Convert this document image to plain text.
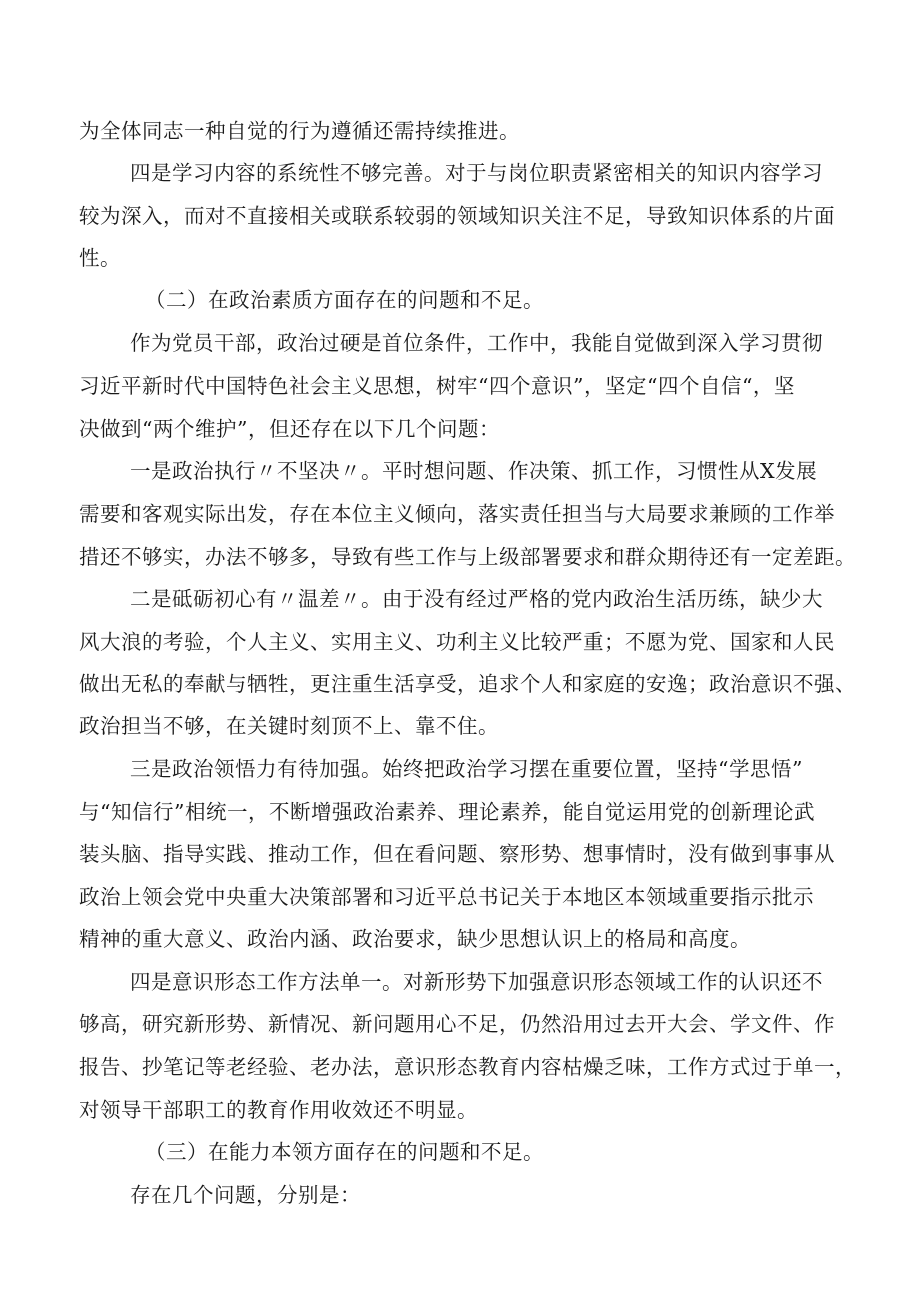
为全体同志一种自觉的行为遵循还需持续推进。
四是学习内容的系统性不够完善。对于与岗位职责紧密相关的知识内容学习
较为深入，而对不直接相关或联系较弱的领域知识关注不足，导致知识体系的片面
性。
（二）在政治素质方面存在的问题和不足。
作为党员干部，政治过硬是首位条件，工作中，我能自觉做到深入学习贯彻
习近平新时代中国特色社会主义思想，树牢“四个意识”，坚定“四个自信“，坚
决做到“两个维护”，但还存在以下几个问题：
一是政治执行〃不坚决〃。平时想问题、作决策、抓工作，习惯性从X发展
需要和客观实际出发，存在本位主义倾向，落实责任担当与大局要求兼顾的工作举
措还不够实，办法不够多，导致有些工作与上级部署要求和群众期待还有一定差距。
二是砥砺初心有〃温差〃。由于没有经过严格的党内政治生活历练，缺少大
风大浪的考验，个人主义、实用主义、功利主义比较严重；不愿为党、国家和人民
做出无私的奉献与牺牲，更注重生活享受，追求个人和家庭的安逸；政治意识不强、
政治担当不够，在关键时刻顶不上、靠不住。
三是政治领悟力有待加强。始终把政治学习摆在重要位置，坚持“学思悟”
与“知信行”相统一，不断增强政治素养、理论素养，能自觉运用党的创新理论武
装头脑、指导实践、推动工作，但在看问题、察形势、想事情时，没有做到事事从
政治上领会党中央重大决策部署和习近平总书记关于本地区本领域重要指示批示
精神的重大意义、政治内涵、政治要求，缺少思想认识上的格局和高度。
四是意识形态工作方法单一。对新形势下加强意识形态领域工作的认识还不
够高，研究新形势、新情况、新问题用心不足，仍然沿用过去开大会、学文件、作
报告、抄笔记等老经验、老办法，意识形态教育内容枯燥乏味，工作方式过于单一，
对领导干部职工的教育作用收效还不明显。
（三）在能力本领方面存在的问题和不足。
存在几个问题，分别是：
